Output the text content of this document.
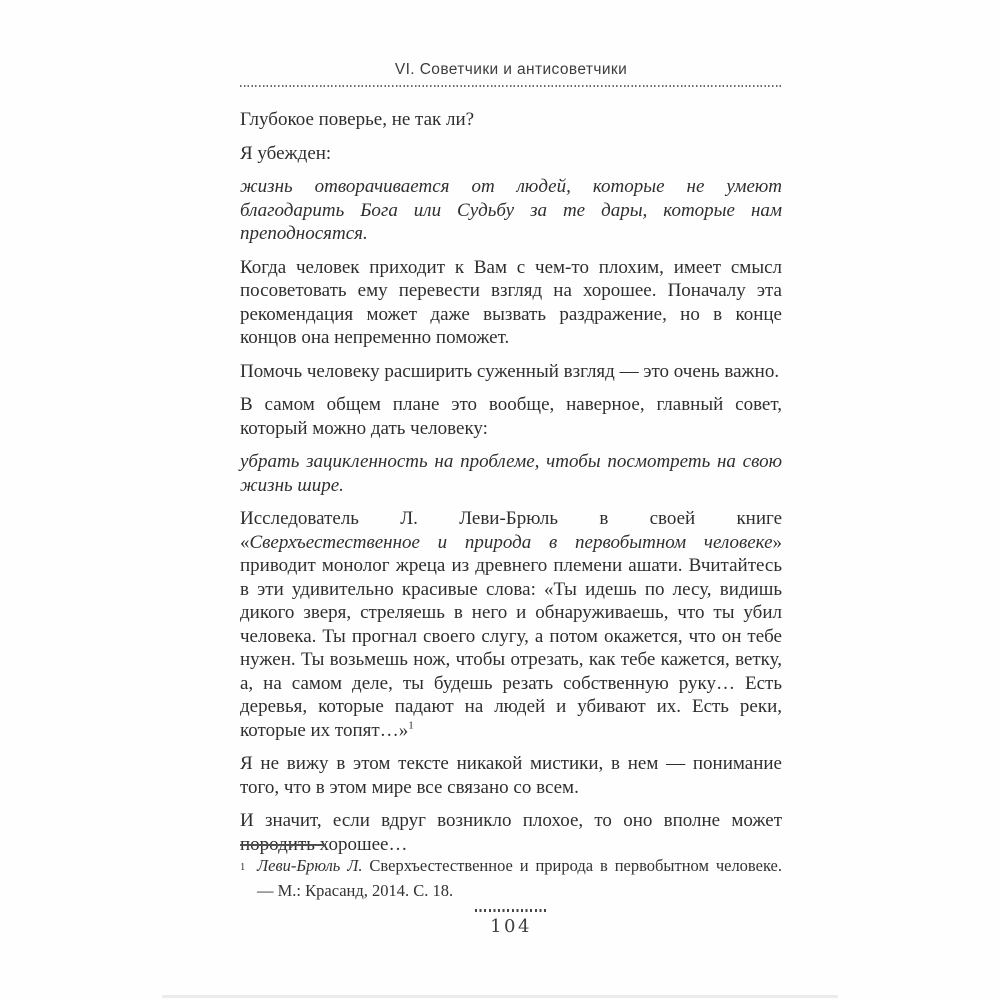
VI. Советчики и антисоветчики

Глубокое поверье, не так ли?

Я убежден:

жизнь отворачивается от людей, которые не умеют благодарить Бога или Судьбу за те дары, которые нам преподносятся.

Когда человек приходит к Вам с чем-то плохим, имеет смысл посоветовать ему перевести взгляд на хорошее. Поначалу эта рекомендация может даже вызвать раздражение, но в конце концов она непременно поможет.

Помочь человеку расширить суженный взгляд — это очень важно.

В самом общем плане это вообще, наверное, главный совет, который можно дать человеку:

убрать зацикленность на проблеме, чтобы посмотреть на свою жизнь шире.

Исследователь Л. Леви-Брюль в своей книге «Сверхъестественное и природа в первобытном человеке» приводит монолог жреца из древнего племени ашати. Вчитайтесь в эти удивительно красивые слова: «Ты идешь по лесу, видишь дикого зверя, стреляешь в него и обнаруживаешь, что ты убил человека. Ты прогнал своего слугу, а потом окажется, что он тебе нужен. Ты возьмешь нож, чтобы отрезать, как тебе кажется, ветку, а, на самом деле, ты будешь резать собственную руку… Есть деревья, которые падают на людей и убивают их. Есть реки, которые их топят…»$^1$

Я не вижу в этом тексте никакой мистики, в нем — понимание того, что в этом мире все связано со всем.

И значит, если вдруг возникло плохое, то оно вполне может породить хорошее…

1 Леви-Брюль Л. Сверхъестественное и природа в первобытном человеке. — М.: Красанд, 2014. С. 18.
104
